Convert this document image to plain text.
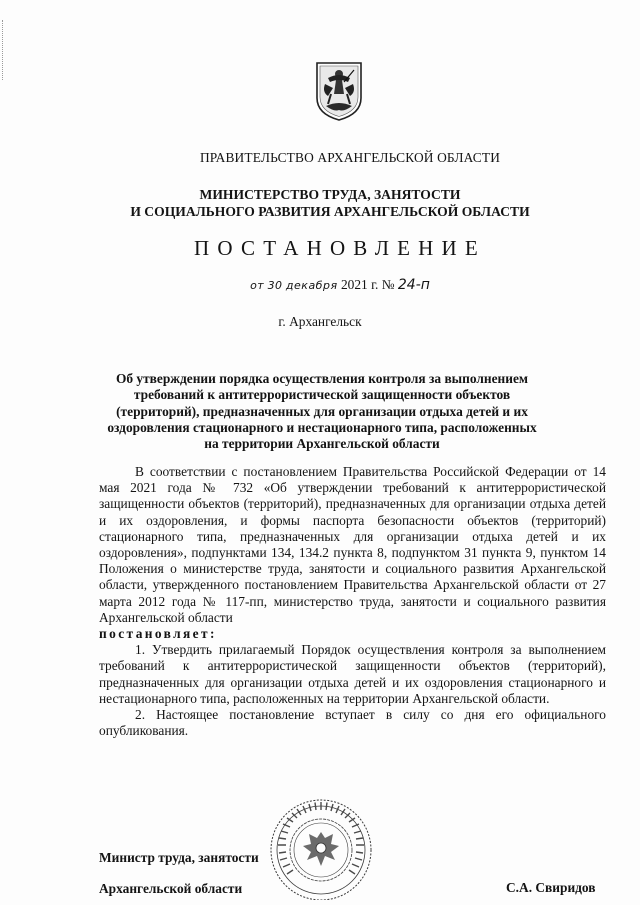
ПРАВИТЕЛЬСТВО АРХАНГЕЛЬСКОЙ ОБЛАСТИ
МИНИСТЕРСТВО ТРУДА, ЗАНЯТОСТИ
И СОЦИАЛЬНОГО РАЗВИТИЯ АРХАНГЕЛЬСКОЙ ОБЛАСТИ
ПОСТАНОВЛЕНИЕ
от 30 декабря 2021 г. № 24-п
г. Архангельск
Об утверждении порядка осуществления контроля за выполнением
требований к антитеррористической защищенности объектов
(территорий), предназначенных для организации отдыха детей и их
оздоровления стационарного и нестационарного типа, расположенных
на территории Архангельской области

В соответствии с постановлением Правительства Российской Федерации от 14 мая 2021 года № 732 «Об утверждении требований к антитеррористической защищенности объектов (территорий), предназначенных для организации отдыха детей и их оздоровления, и формы паспорта безопасности объектов (территорий) стационарного типа, предназначенных для организации отдыха детей и их оздоровления», подпунктами 134, 134.2 пункта 8, подпунктом 31 пункта 9, пунктом 14 Положения о министерстве труда, занятости и социального развития Архангельской области, утвержденного постановлением Правительства Архангельской области от 27 марта 2012 года № 117-пп, министерство труда, занятости и социального развития Архангельской области

постановляет:

1. Утвердить прилагаемый Порядок осуществления контроля за выполнением требований к антитеррористической защищенности объектов (территорий), предназначенных для организации отдыха детей и их оздоровления стационарного и нестационарного типа, расположенных на территории Архангельской области.

2. Настоящее постановление вступает в силу со дня его официального опубликования.

Министр труда, занятости
Архангельской области	С.А. Свиридов
